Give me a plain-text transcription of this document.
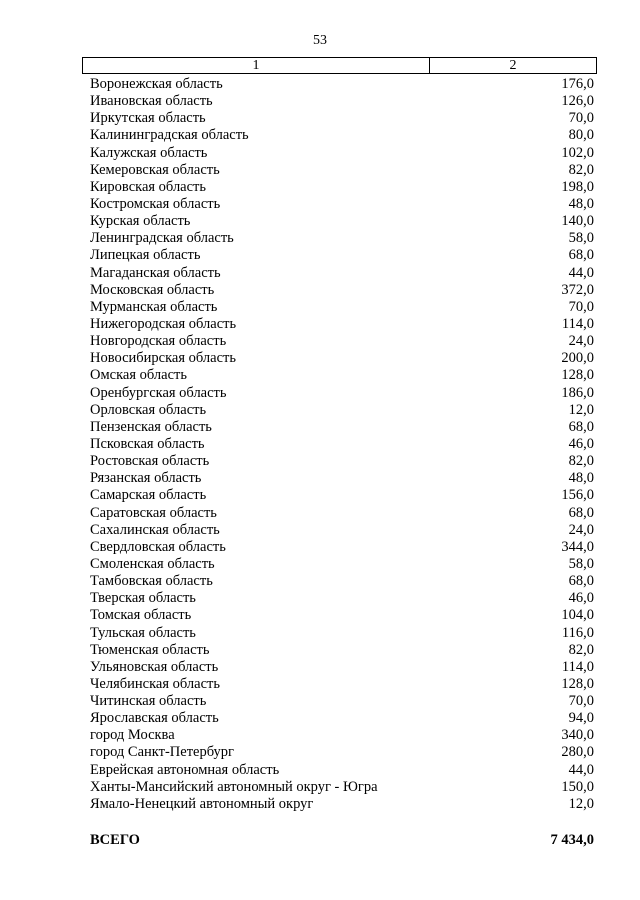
53
1	2
Воронежская область	176,0
Ивановская область	126,0
Иркутская область	70,0
Калининградская область	80,0
Калужская область	102,0
Кемеровская область	82,0
Кировская область	198,0
Костромская область	48,0
Курская область	140,0
Ленинградская область	58,0
Липецкая область	68,0
Магаданская область	44,0
Московская область	372,0
Мурманская область	70,0
Нижегородская область	114,0
Новгородская область	24,0
Новосибирская область	200,0
Омская область	128,0
Оренбургская область	186,0
Орловская область	12,0
Пензенская область	68,0
Псковская область	46,0
Ростовская область	82,0
Рязанская область	48,0
Самарская область	156,0
Саратовская область	68,0
Сахалинская область	24,0
Свердловская область	344,0
Смоленская область	58,0
Тамбовская область	68,0
Тверская область	46,0
Томская область	104,0
Тульская область	116,0
Тюменская область	82,0
Ульяновская область	114,0
Челябинская область	128,0
Читинская область	70,0
Ярославская область	94,0
город Москва	340,0
город Санкт-Петербург	280,0
Еврейская автономная область	44,0
Ханты-Мансийский автономный округ - Югра	150,0
Ямало-Ненецкий автономный округ	12,0
ВСЕГО	7 434,0
